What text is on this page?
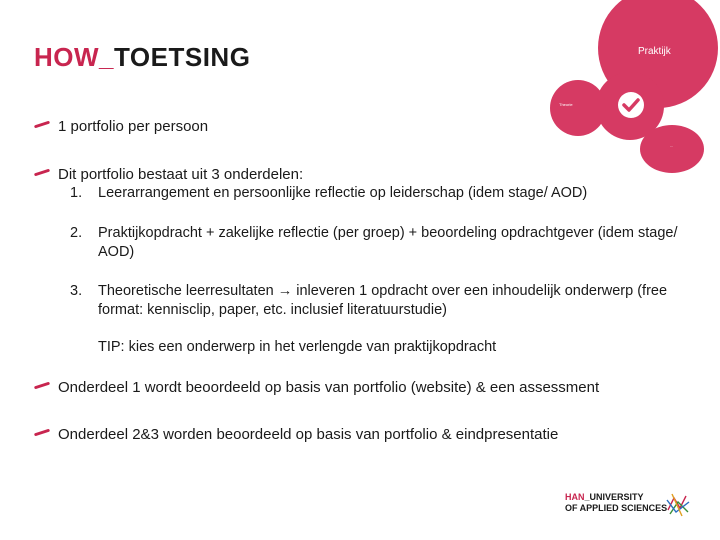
HOW_TOETSING	Praktijk
Theorie
...
1 portfolio per persoon
Dit portfolio bestaat uit 3 onderdelen:
1.	Leerarrangement en persoonlijke reflectie op leiderschap (idem stage/ AOD)
2.	Praktijkopdracht + zakelijke reflectie (per groep) + beoordeling opdrachtgever (idem stage/
AOD)
3.	Theoretische leerresultaten → inleveren 1 opdracht over een inhoudelijk onderwerp (free
format: kennisclip, paper, etc. inclusief literatuurstudie)
TIP: kies een onderwerp in het verlengde van praktijkopdracht
Onderdeel 1 wordt beoordeeld op basis van portfolio (website) & een assessment
Onderdeel 2&3 worden beoordeeld op basis van portfolio & eindpresentatie
HAN_UNIVERSITY
OF APPLIED SCIENCES
